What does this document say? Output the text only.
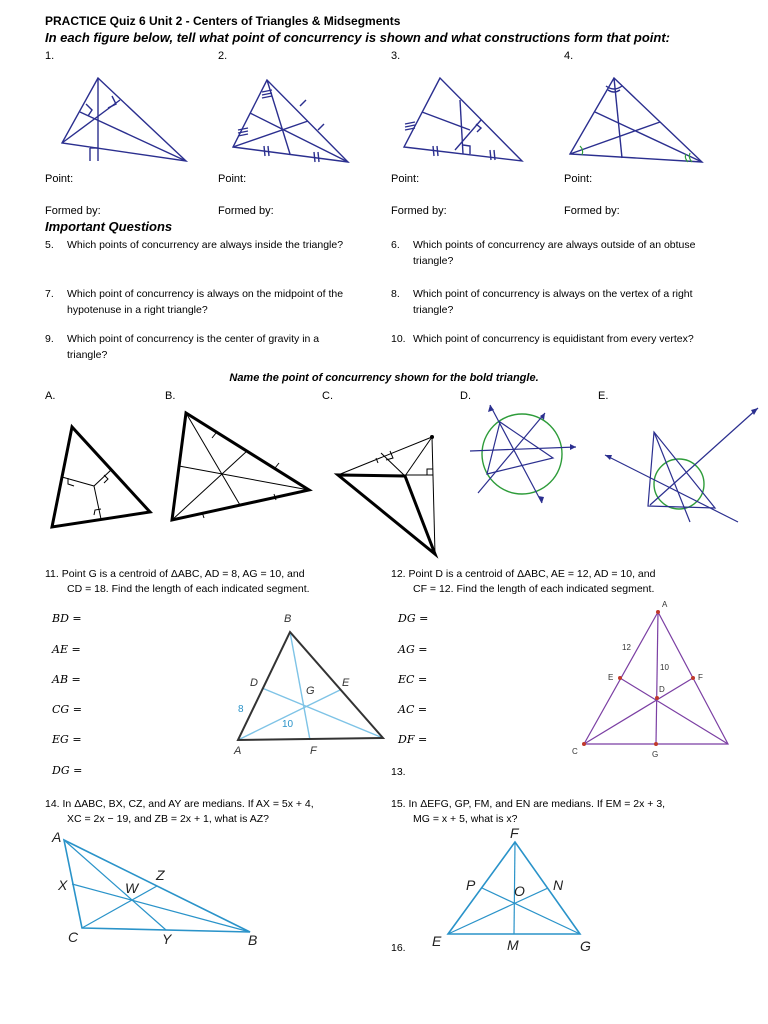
PRACTICE Quiz 6 Unit 2 - Centers of Triangles & Midsegments
In each figure below, tell what point of concurrency is shown and what constructions form that point:
1.	2.	3.	4.
Point:	Point:	Point:	Point:
Formed by:	Formed by:	Formed by:	Formed by:
Important Questions
5. Which points of concurrency are always inside the triangle?	6. Which points of concurrency are always outside of an obtuse triangle?
7. Which point of concurrency is always on the midpoint of the hypotenuse in a right triangle?
8. Which point of concurrency is always on the vertex of a right triangle?
9. Which point of concurrency is the center of gravity in a triangle?
10. Which point of concurrency is equidistant from every vertex?
Name the point of concurrency shown for the bold triangle.
A.	B.	C.	D.	E.
11. Point G is a centroid of ΔABC, AD = 8, AG = 10, and
CD = 18. Find the length of each indicated segment.
BD =
AE =
AB =
CG =
EG =
DG =
B
D	E
G
A	F
8
10
12. Point D is a centroid of ΔABC, AE = 12, AD = 10, and
CF = 12. Find the length of each indicated segment.
DG =
AG =
EC =
AC =
DF =
13.
A
12
10
E	F
D
C	G
14. In ΔABC, BX, CZ, and AY are medians. If AX = 5x + 4,
XC = 2x − 19, and ZB = 2x + 1, what is AZ?
A
X	W
Z
C	Y	B
15. In ΔEFG, GP, FM, and EN are medians. If EM = 2x + 3,
MG = x + 5, what is x?
16.
F
P	O N
E	M	G
